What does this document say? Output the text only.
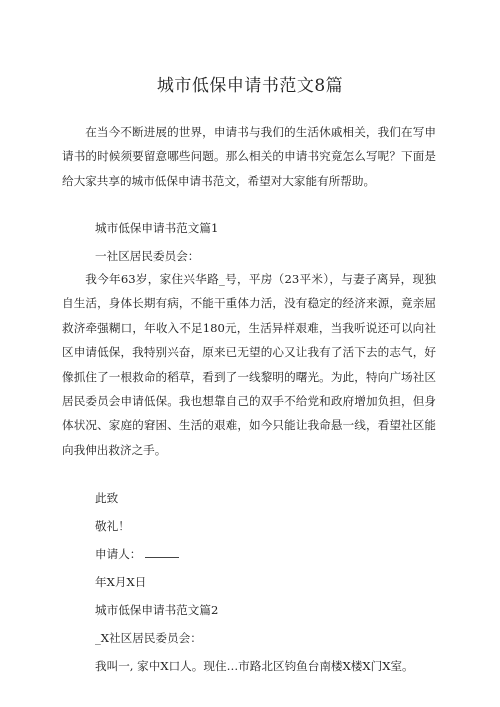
城市低保申请书范文8篇
在当今不断进展的世界，申请书与我们的生活休戚相关，我们在写申请书的时候须要留意哪些问题。那么相关的申请书究竟怎么写呢？下面是给大家共享的城市低保申请书范文，希望对大家能有所帮助。
城市低保申请书范文篇1
一社区居民委员会：
我今年63岁，家住兴华路_号，平房（23平米），与妻子离异，现独自生活，身体长期有病，不能干重体力活，没有稳定的经济来源，竟亲屈救济牵强糊口，年收入不足180元，生活异样艰难，当我听说还可以向社区申请低保，我特别兴奋，原来已无望的心又让我有了活下去的志气，好像抓住了一根救命的稻草，看到了一线黎明的曙光。为此，特向广场社区居民委员会申请低保。我也想靠自己的双手不给党和政府增加负担，但身体状况、家庭的窘困、生活的艰难，如今只能让我命悬一线，看望社区能向我伸出救济之手。
此致
敬礼！
申请人：
年X月X日
城市低保申请书范文篇2
_X社区居民委员会：
我叫一, 家中X口人。现住…市路北区钧鱼台南楼X楼X门X室。
